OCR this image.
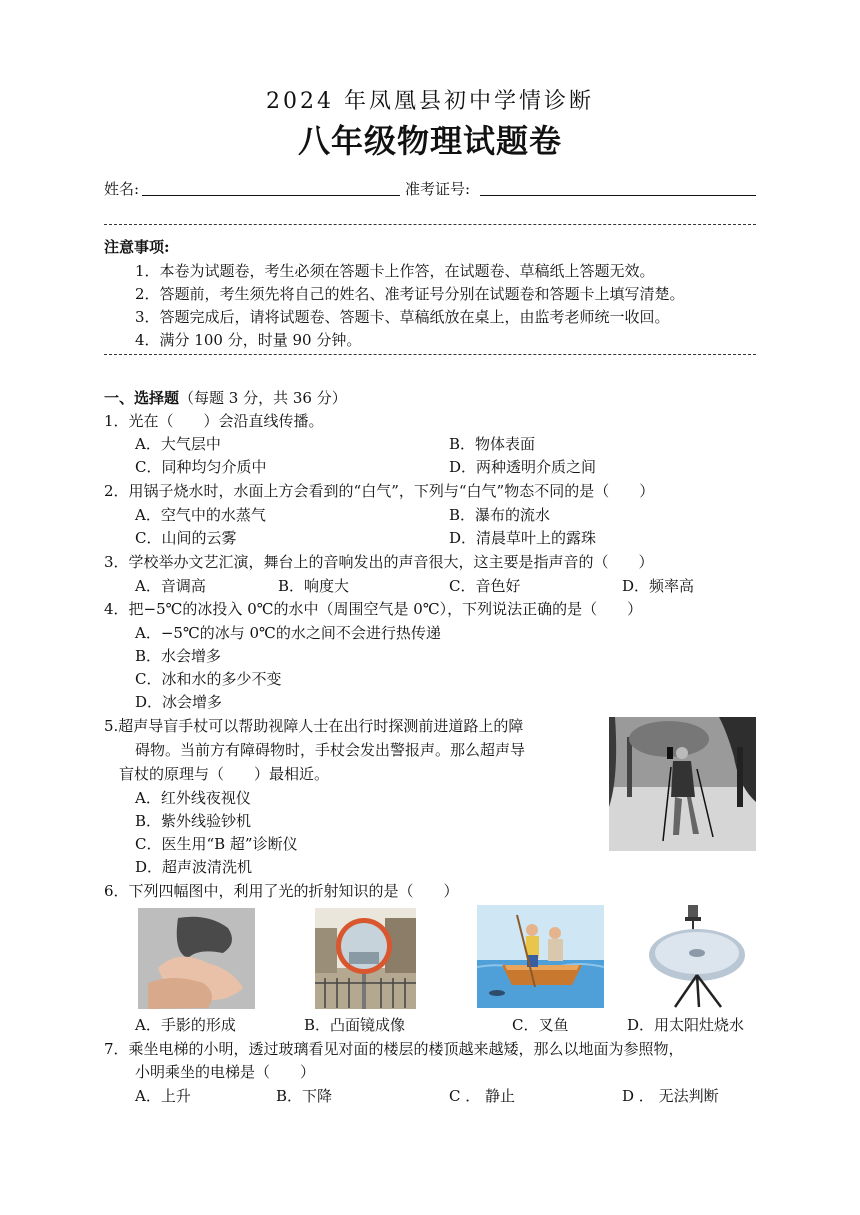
2024 年凤凰县初中学情诊断
八年级物理试题卷
姓名:	准考证号:
注意事项:
1．本卷为试题卷，考生必须在答题卡上作答，在试题卷、草稿纸上答题无效。
2．答题前，考生须先将自己的姓名、准考证号分别在试题卷和答题卡上填写清楚。
3．答题完成后，请将试题卷、答题卡、草稿纸放在桌上，由监考老师统一收回。
4．满分 100 分，时量 90 分钟。
一、选择题（每题 3 分，共 36 分）
1．光在（　　）会沿直线传播。
A．大气层中	B．物体表面
C．同种均匀介质中	D．两种透明介质之间
2．用锅子烧水时，水面上方会看到的“白气”，下列与“白气”物态不同的是（　　）
A．空气中的水蒸气	B．瀑布的流水
C．山间的云雾	D．清晨草叶上的露珠
3．学校举办文艺汇演，舞台上的音响发出的声音很大，这主要是指声音的（　　）
A．音调高	B．响度大	C．音色好	D．频率高
4．把−5℃的冰投入 0℃的水中（周围空气是 0℃），下列说法正确的是（　　）
A．−5℃的冰与 0℃的水之间不会进行热传递
B．水会增多
C．冰和水的多少不变
D．冰会增多
5.超声导盲手杖可以帮助视障人士在出行时探测前进道路上的障
碍物。当前方有障碍物时，手杖会发出警报声。那么超声导
盲杖的原理与（　　）最相近。
A．红外线夜视仪
B．紫外线验钞机
C．医生用“B 超”诊断仪
D．超声波清洗机
6．下列四幅图中，利用了光的折射知识的是（　　）
A．手影的形成	B．凸面镜成像	C．叉鱼	D．用太阳灶烧水
7．乘坐电梯的小明，透过玻璃看见对面的楼层的楼顶越来越矮，那么以地面为参照物，
小明乘坐的电梯是（　　）
A．上升	B．下降	C ． 静止	D ． 无法判断
